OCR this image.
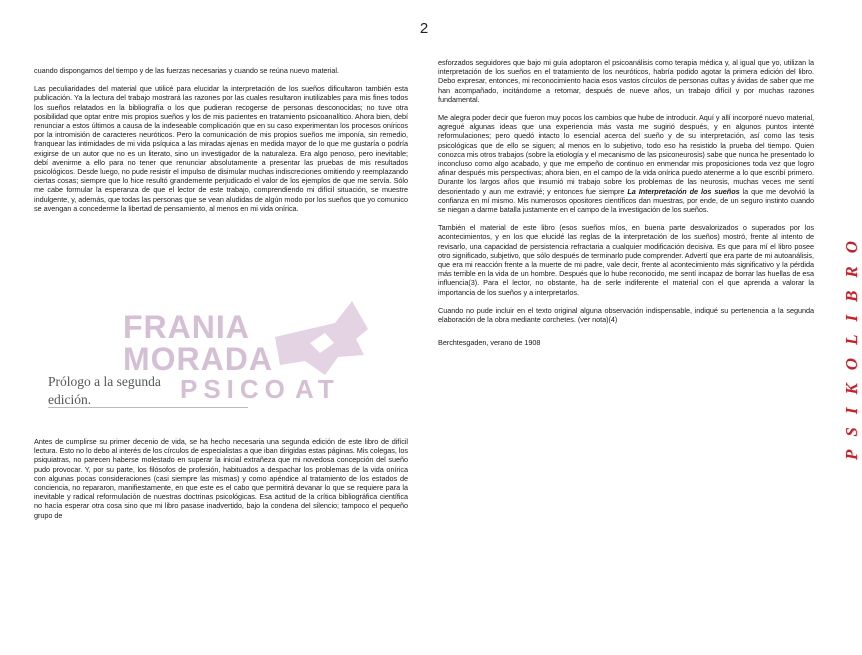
2

cuando dispongamos del tiempo y de las fuerzas necesarias y cuando se reúna nuevo material.

Las peculiaridades del material que utilicé para elucidar la interpretación de los sueños dificultaron también esta publicación. Ya la lectura del trabajo mostrará las razones por las cuales resultaron inutilizables para mis fines todos los sueños relatados en la bibliografía o los que pudieran recogerse de personas desconocidas; no tuve otra posibilidad que optar entre mis propios sueños y los de mis pacientes en tratamiento psicoanalítico. Ahora bien, debí renunciar a estos últimos a causa de la indeseable complicación que en su caso experimentan los procesos oníricos por la intromisión de caracteres neuróticos. Pero la comunicación de mis propios sueños me imponía, sin remedio, franquear las intimidades de mi vida psíquica a las miradas ajenas en medida mayor de lo que me gustaría o podría exigirse de un autor que no es un literato, sino un investigador de la naturaleza. Era algo penoso, pero inevitable; debí avenirme a ello para no tener que renunciar absolutamente a presentar las pruebas de mis resultados psicológicos. Desde luego, no pude resistir el impulso de disimular muchas indiscreciones omitiendo y reemplazando ciertas cosas; siempre que lo hice resultó grandemente perjudicado el valor de los ejemplos de que me servía. Sólo me cabe formular la esperanza de que el lector de este trabajo, comprendiendo mi difícil situación, se muestre indulgente, y, además, que todas las personas que se vean aludidas de algún modo por los sueños que yo comunico se avengan a concederme la libertad de pensamiento, al menos en mi vida onírica.

FRANIA
MORADA
PSICO AT
Prólogo a la segunda
edición.

Antes de cumplirse su primer decenio de vida, se ha hecho necesaria una segunda edición de este libro de difícil lectura. Esto no lo debo al interés de los círculos de especialistas a que iban dirigidas estas páginas. Mis colegas, los psiquiatras, no parecen haberse molestado en superar la inicial extrañeza que mi novedosa concepción del sueño pudo provocar. Y, por su parte, los filósofos de profesión, habituados a despachar los problemas de la vida onírica con algunas pocas consideraciones (casi siempre las mismas) y como apéndice al tratamiento de los estados de conciencia, no repararon, manifiestamente, en que este es el cabo que permitirá devanar lo que se requiere para la inevitable y radical reformulación de nuestras doctrinas psicológicas. Esa actitud de la crítica bibliográfica científica no hacía esperar otra cosa sino que mi libro pasase inadvertido, bajo la condena del silencio; tampoco el pequeño grupo de

esforzados seguidores que bajo mi guía adoptaron el psicoanálisis como terapia médica y, al igual que yo, utilizan la interpretación de los sueños en el tratamiento de los neuróticos, habría podido agotar la primera edición del libro. Debo expresar, entonces, mi reconocimiento hacia esos vastos círculos de personas cultas y ávidas de saber que me han acompañado, incitándome a retomar, después de nueve años, un trabajo difícil y por muchas razones fundamental.

Me alegra poder decir que fueron muy pocos los cambios que hube de introducir. Aquí y allí incorporé nuevo material, agregué algunas ideas que una experiencia más vasta me sugirió después, y en algunos puntos intenté reformulaciones; pero quedó intacto lo esencial acerca del sueño y de su interpretación, así como las tesis psicológicas que de ello se siguen; al menos en lo subjetivo, todo eso ha resistido la prueba del tiempo. Quien conozca mis otros trabajos (sobre la etiología y el mecanismo de las psiconeurosis) sabe que nunca he presentado lo inconcluso como algo acabado, y que me empeño de continuo en enmendar mis proposiciones toda vez que logro afinar después mis perspectivas; ahora bien, en el campo de la vida onírica puedo atenerme a lo que escribí primero. Durante los largos años que insumió mi trabajo sobre los problemas de las neurosis, muchas veces me sentí desorientado y aun me extravié; y entonces fue siempre La Interpretación de los sueños la que me devolvió la confianza en mí mismo. Mis numerosos opositores científicos dan muestras, por ende, de un seguro instinto cuando se niegan a darme batalla justamente en el campo de la investigación de los sueños.

También el material de este libro (esos sueños míos, en buena parte desvalorizados o superados por los acontecimientos, y en los que elucidé las reglas de la interpretación de los sueños) mostró, frente al intento de revisarlo, una capacidad de persistencia refractaria a cualquier modificación decisiva. Es que para mí el libro posee otro significado, subjetivo, que sólo después de terminarlo pude comprender. Advertí que era parte de mi autoanálisis, que era mi reacción frente a la muerte de mi padre, vale decir, frente al acontecimiento más significativo y la pérdida más terrible en la vida de un hombre. Después que lo hube reconocido, me sentí incapaz de borrar las huellas de esa influencia(3). Para el lector, no obstante, ha de serle indiferente el material con el que aprenda a valorar la importancia de los sueños y a interpretarlos.

Cuando no pude incluir en el texto original alguna observación indispensable, indiqué su pertenencia a la segunda elaboración de la obra mediante corchetes. (ver nota)(4)

Berchtesgaden, verano de 1908	PSIKOLIBRO
